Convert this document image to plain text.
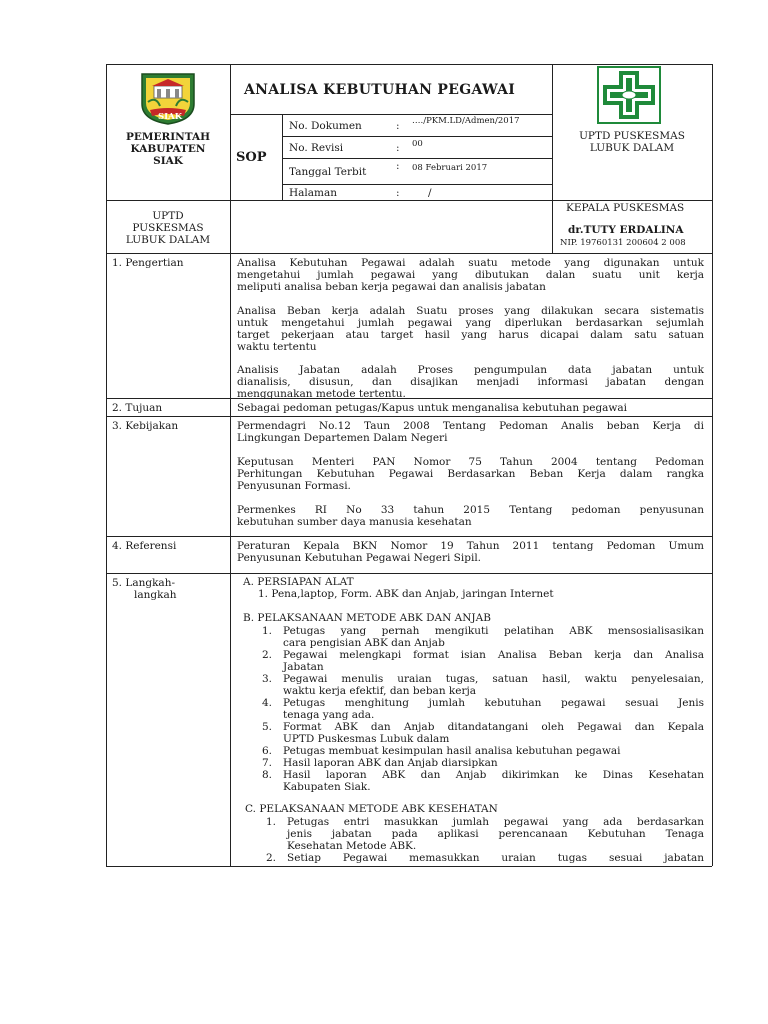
SIAK
PEMERINTAH
KABUPATEN
SIAK
ANALISA KEBUTUHAN PEGAWAI
SOP
No. Dokumen	: …./PKM.LD/Admen/2017
No. Revisi	: 00
Tanggal Terbit	: 08 Februari 2017
Halaman	:	/
UPTD PUSKESMAS
LUBUK DALAM
UPTD
PUSKESMAS
LUBUK DALAM
KEPALA PUSKESMAS
dr.TUTY ERDALINA
NIP. 19760131 200604 2 008
1. Pengertian	Analisa Kebutuhan Pegawai adalah suatu metode yang digunakan untuk
mengetahui jumlah pegawai yang dibutukan dalan suatu unit kerja
meliputi analisa beban kerja pegawai dan analisis jabatan
Analisa Beban kerja adalah Suatu proses yang dilakukan secara sistematis
untuk mengetahui jumlah pegawai yang diperlukan berdasarkan sejumlah
target pekerjaan atau target hasil yang harus dicapai dalam satu satuan
waktu tertentu
Analisis Jabatan adalah Proses pengumpulan data jabatan untuk
dianalisis, disusun, dan disajikan menjadi informasi jabatan dengan
menggunakan metode tertentu.
2. Tujuan	Sebagai pedoman petugas/Kapus untuk menganalisa kebutuhan pegawai
3. Kebijakan	Permendagri No.12 Taun 2008 Tentang Pedoman Analis beban Kerja di
Lingkungan Departemen Dalam Negeri
Keputusan Menteri PAN Nomor 75 Tahun 2004 tentang Pedoman
Perhitungan Kebutuhan Pegawai Berdasarkan Beban Kerja dalam rangka
Penyusunan Formasi.
Permenkes RI No 33 tahun 2015 Tentang pedoman penyusunan
kebutuhan sumber daya manusia kesehatan
4. Referensi	Peraturan Kepala BKN Nomor 19 Tahun 2011 tentang Pedoman Umum
Penyusunan Kebutuhan Pegawai Negeri Sipil.
5. Langkah-
langkah
A. PERSIAPAN ALAT
1. Pena,laptop, Form. ABK dan Anjab, jaringan Internet
B. PELAKSANAAN METODE ABK DAN ANJAB
1. Petugas yang pernah mengikuti pelatihan ABK mensosialisasikan
cara pengisian ABK dan Anjab
2. Pegawai melengkapi format isian Analisa Beban kerja dan Analisa
Jabatan
3. Pegawai menulis uraian tugas, satuan hasil, waktu penyelesaian,
waktu kerja efektif, dan beban kerja
4. Petugas menghitung jumlah kebutuhan pegawai sesuai Jenis
tenaga yang ada.
5. Format ABK dan Anjab ditandatangani oleh Pegawai dan Kepala
UPTD Puskesmas Lubuk dalam
6. Petugas membuat kesimpulan hasil analisa kebutuhan pegawai
7. Hasil laporan ABK dan Anjab diarsipkan
8. Hasil laporan ABK dan Anjab dikirimkan ke Dinas Kesehatan
Kabupaten Siak.
C. PELAKSANAAN METODE ABK KESEHATAN
1. Petugas entri masukkan jumlah pegawai yang ada berdasarkan
jenis jabatan pada aplikasi perencanaan Kebutuhan Tenaga
Kesehatan Metode ABK.
2. Setiap Pegawai memasukkan uraian tugas sesuai jabatan
